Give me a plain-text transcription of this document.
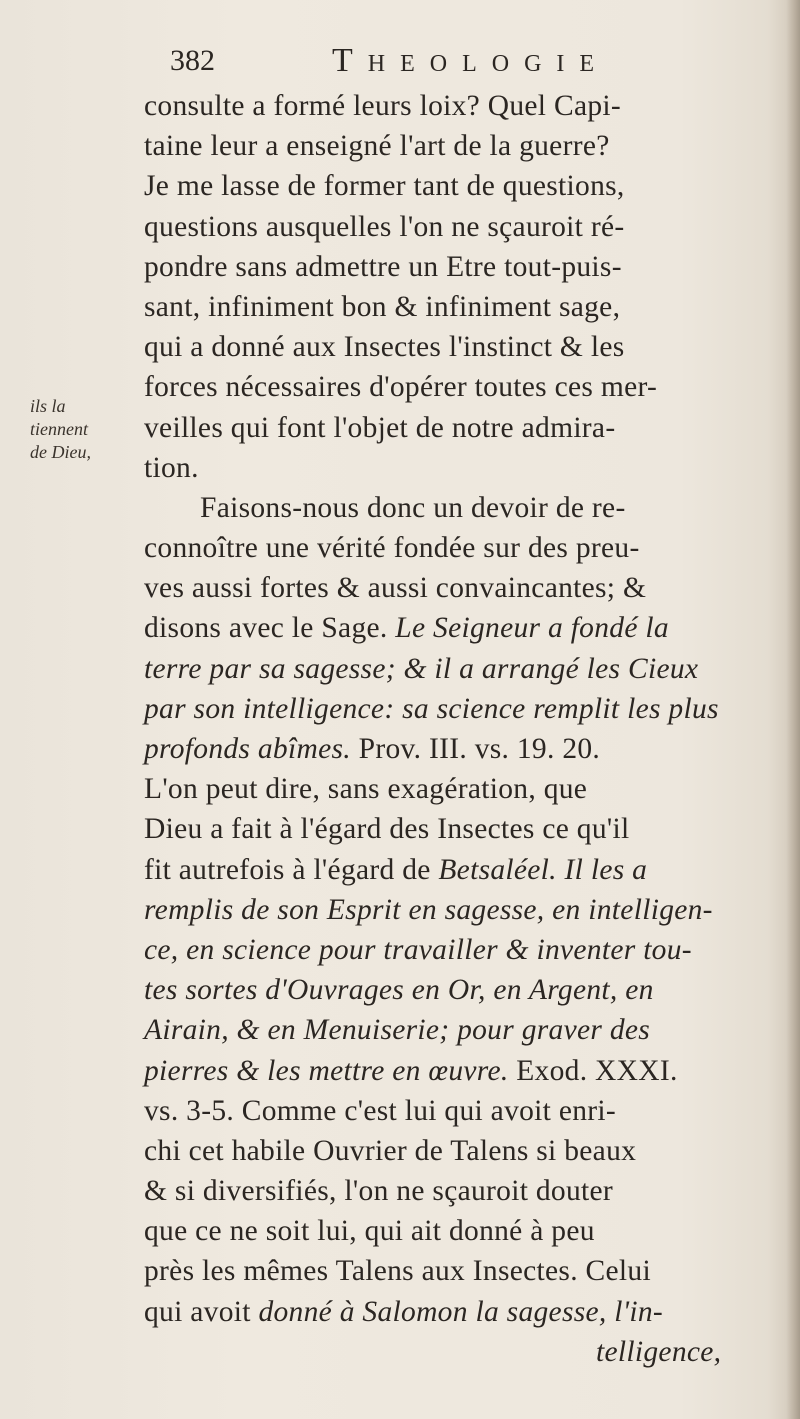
382	Theologie
ils la
tiennent
de Dieu,
consulte a formé leurs loix? Quel Capi-
taine leur a enseigné l'art de la guerre?
Je me lasse de former tant de questions,
questions ausquelles l'on ne sçauroit ré-
pondre sans admettre un Etre tout-puis-
sant, infiniment bon & infiniment sage,
qui a donné aux Insectes l'instinct & les
forces nécessaires d'opérer toutes ces mer-
veilles qui font l'objet de notre admira-
tion.
Faisons-nous donc un devoir de re-
connoître une vérité fondée sur des preu-
ves aussi fortes & aussi convaincantes; &
disons avec le Sage. Le Seigneur a fondé la
terre par sa sagesse; & il a arrangé les Cieux
par son intelligence: sa science remplit les plus
profonds abîmes. Prov. III. vs. 19. 20.
L'on peut dire, sans exagération, que
Dieu a fait à l'égard des Insectes ce qu'il
fit autrefois à l'égard de Betsaléel. Il les a
remplis de son Esprit en sagesse, en intelligen-
ce, en science pour travailler & inventer tou-
tes sortes d'Ouvrages en Or, en Argent, en
Airain, & en Menuiserie; pour graver des
pierres & les mettre en œuvre. Exod. XXXI.
vs. 3-5. Comme c'est lui qui avoit enri-
chi cet habile Ouvrier de Talens si beaux
& si diversifiés, l'on ne sçauroit douter
que ce ne soit lui, qui ait donné à peu
près les mêmes Talens aux Insectes. Celui
qui avoit donné à Salomon la sagesse, l'in-
telligence,
